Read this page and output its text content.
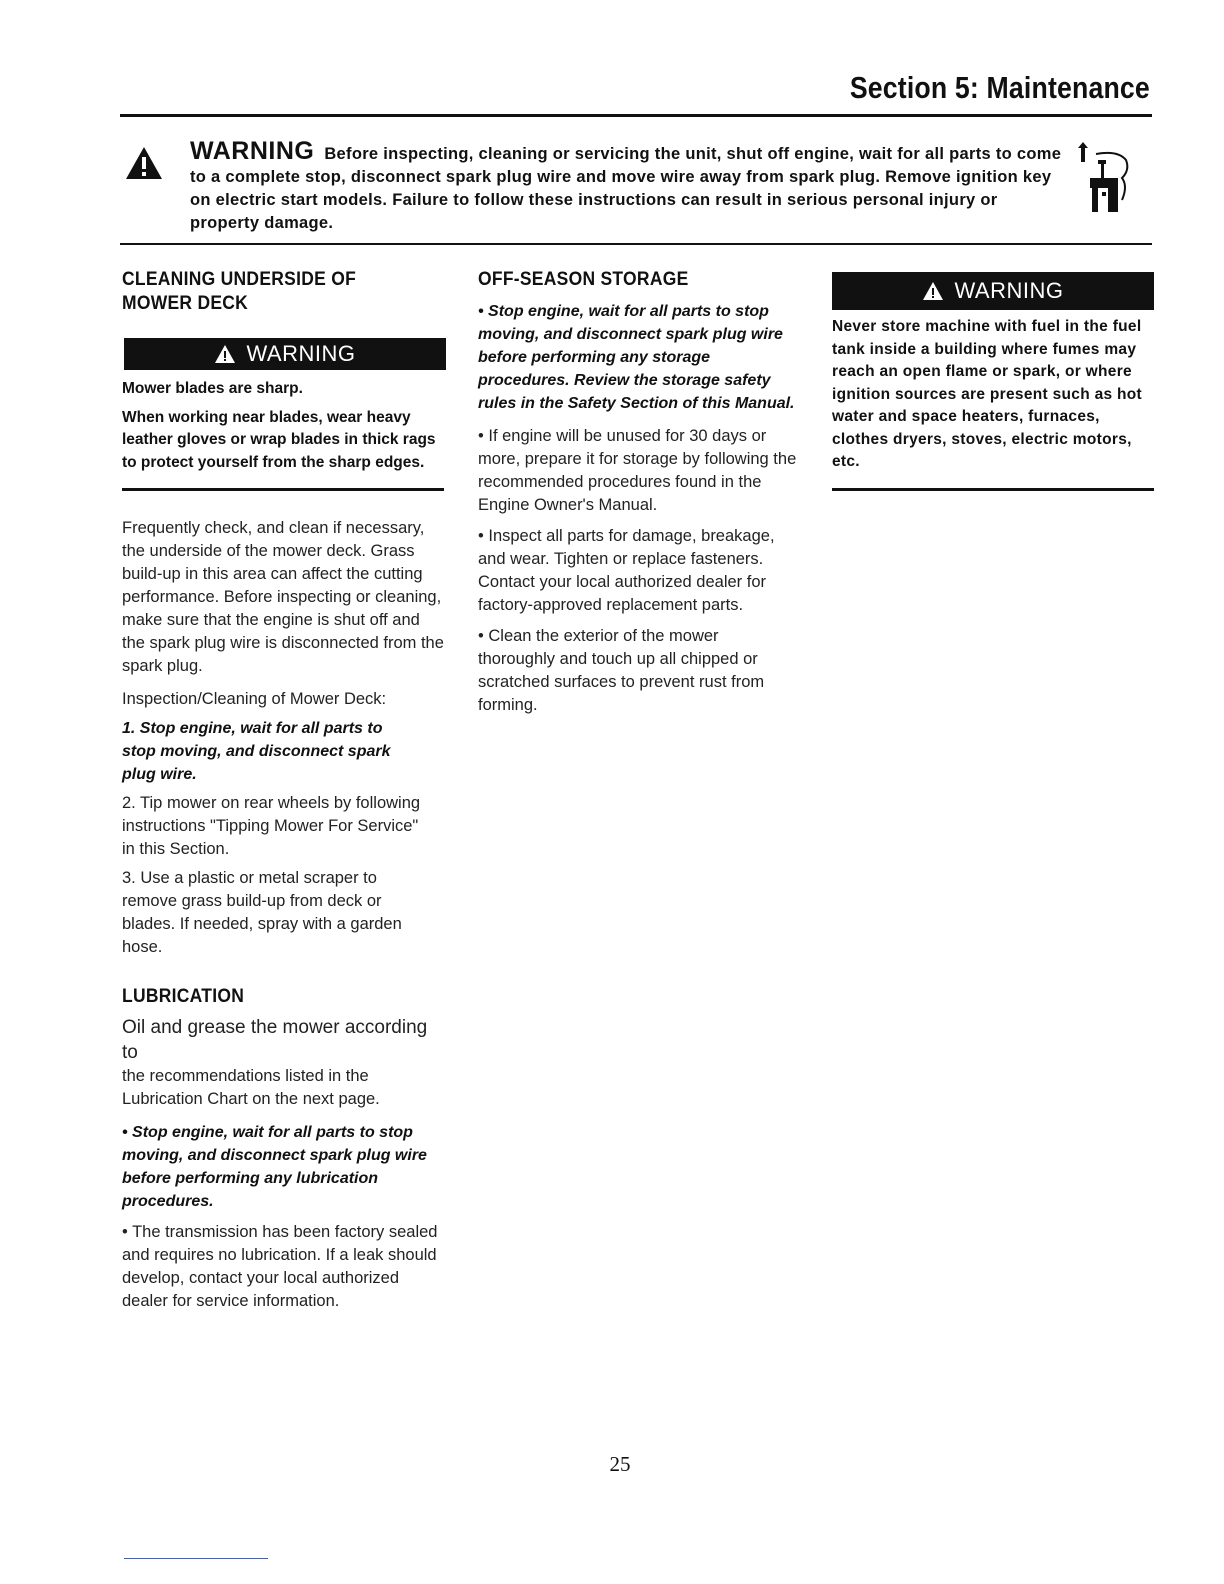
Section 5: Maintenance
WARNING Before inspecting, cleaning or servicing the unit, shut off engine, wait for all parts to come to a complete stop, disconnect spark plug wire and move wire away from spark plug. Remove ignition key on electric start models. Failure to follow these instructions can result in serious personal injury or property damage.
CLEANING UNDERSIDE OF MOWER DECK
WARNING

Mower blades are sharp.

When working near blades, wear heavy leather gloves or wrap blades in thick rags to protect yourself from the sharp edges.

Frequently check, and clean if necessary, the underside of the mower deck. Grass build-up in this area can affect the cutting performance. Before inspecting or cleaning, make sure that the engine is shut off and the spark plug wire is disconnected from the spark plug.

Inspection/Cleaning of Mower Deck:

1. Stop engine, wait for all parts to stop moving, and disconnect spark plug wire.

2. Tip mower on rear wheels by following instructions "Tipping Mower For Service" in this Section.

3. Use a plastic or metal scraper to remove grass build-up from deck or blades. If needed, spray with a garden hose.

LUBRICATION

Oil and grease the mower according to

the recommendations listed in the Lubrication Chart on the next page.

• Stop engine, wait for all parts to stop moving, and disconnect spark plug wire before performing any lubrication procedures.

• The transmission has been factory sealed and requires no lubrication. If a leak should develop, contact your local authorized dealer for service information.

OFF-SEASON STORAGE

• Stop engine, wait for all parts to stop moving, and disconnect spark plug wire before performing any storage procedures. Review the storage safety rules in the Safety Section of this Manual.

• If engine will be unused for 30 days or more, prepare it for storage by following the recommended procedures found in the Engine Owner's Manual.

• Inspect all parts for damage, breakage, and wear. Tighten or replace fasteners. Contact your local authorized dealer for factory-approved replacement parts.

• Clean the exterior of the mower thoroughly and touch up all chipped or scratched surfaces to prevent rust from forming.

WARNING

Never store machine with fuel in the fuel tank inside a building where fumes may reach an open flame or spark, or where ignition sources are present such as hot water and space heaters, furnaces, clothes dryers, stoves, electric motors, etc.

25
